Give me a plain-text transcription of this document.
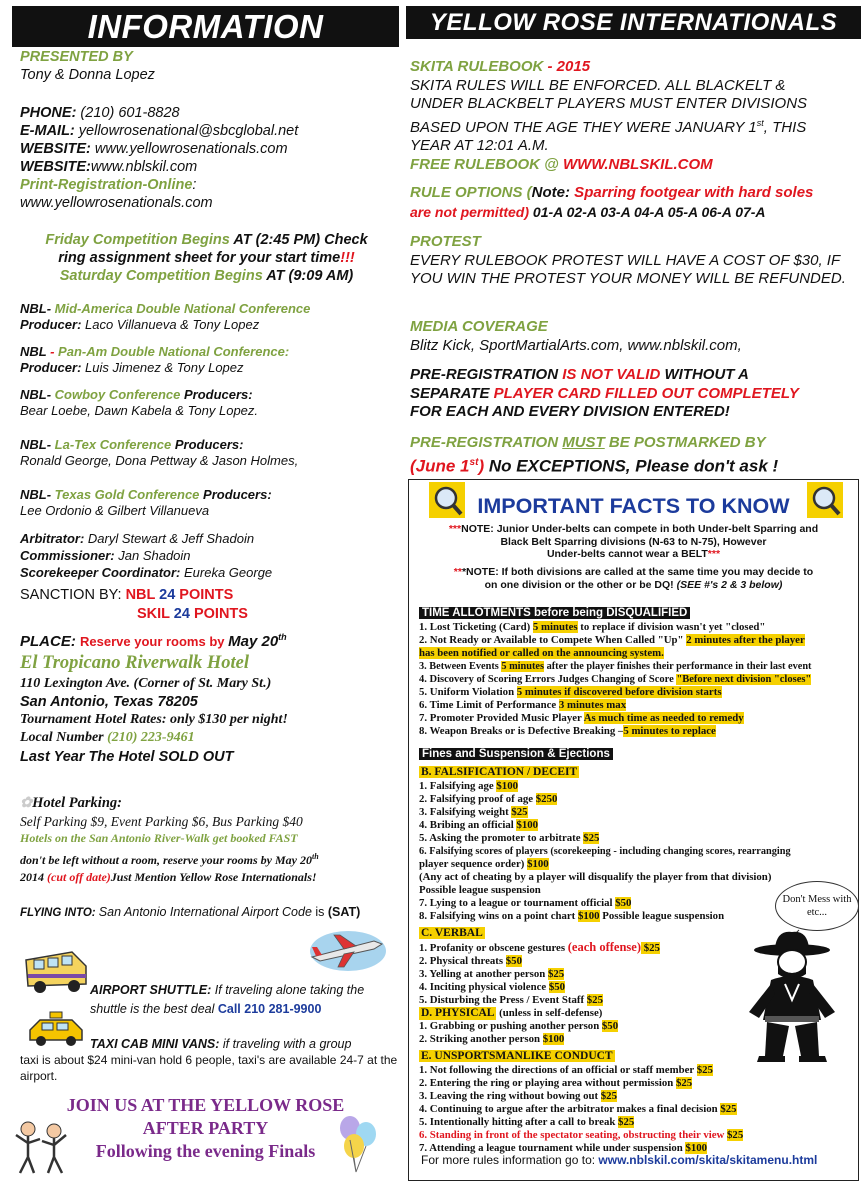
INFORMATION
PRESENTED BY
Tony & Donna Lopez
PHONE: (210) 601-8828
E-MAIL: yellowrosenational@sbcglobal.net
WEBSITE: www.yellowrosenationals.com
WEBSITE:www.nblskil.com
Print-Registration-Online:
www.yellowrosenationals.com
Friday Competition Begins AT (2:45 PM) Check
ring assignment sheet for your start time!!!
Saturday Competition Begins AT (9:09 AM)
NBL- Mid-America Double National Conference
Producer: Laco Villanueva & Tony Lopez
NBL - Pan-Am Double National Conference:
Producer: Luis Jimenez & Tony Lopez
NBL- Cowboy Conference Producers:
Bear Loebe, Dawn Kabela & Tony Lopez.
NBL- La-Tex Conference Producers:
Ronald George, Dona Pettway & Jason Holmes,
NBL- Texas Gold Conference Producers:
Lee Ordonio & Gilbert Villanueva
Arbitrator: Daryl Stewart & Jeff Shadoin
Commissioner: Jan Shadoin
Scorekeeper Coordinator: Eureka George
SANCTION BY: NBL 24 POINTS
SKIL 24 POINTS
PLACE: Reserve your rooms by May 20th
El Tropicano Riverwalk Hotel
110 Lexington Ave. (Corner of St. Mary St.)
San Antonio, Texas 78205
Tournament Hotel Rates: only $130 per night!
Local Number (210) 223-9461
Last Year The Hotel SOLD OUT
✿Hotel Parking:
Self Parking $9, Event Parking $6, Bus Parking $40
Hotels on the San Antonio River-Walk get booked FAST
don't be left without a room, reserve your rooms by May 20th
2014 (cut off date)Just Mention Yellow Rose Internationals!
FLYING INTO: San Antonio International Airport Code is (SAT)
AIRPORT SHUTTLE: If traveling alone taking the
shuttle is the best deal Call 210 281-9900
TAXI CAB MINI VANS: if traveling with a group
taxi is about $24 mini-van hold 6 people, taxi's are available 24-7 at the airport.
JOIN US AT THE YELLOW ROSE
AFTER PARTY
Following the evening Finals
YELLOW ROSE INTERNATIONALS
SKITA RULEBOOK - 2015
SKITA RULES WILL BE ENFORCED. ALL BLACKELT &
UNDER BLACKBELT PLAYERS MUST ENTER DIVISIONS
BASED UPON THE AGE THEY WERE JANUARY 1st, THIS
YEAR AT 12:01 A.M.
FREE RULEBOOK @ WWW.NBLSKIL.COM
RULE OPTIONS (Note: Sparring footgear with hard soles
are not permitted) 01-A 02-A 03-A 04-A 05-A 06-A 07-A
PROTEST
EVERY RULEBOOK PROTEST WILL HAVE A COST OF $30, IF YOU WIN THE PROTEST YOUR MONEY WILL BE REFUNDED.
MEDIA COVERAGE
Blitz Kick, SportMartialArts.com, www.nblskil.com,
PRE-REGISTRATION IS NOT VALID WITHOUT A
SEPARATE PLAYER CARD FILLED OUT COMPLETELY
FOR EACH AND EVERY DIVISION ENTERED!
PRE-REGISTRATION MUST BE POSTMARKED BY
(June 1st) No EXCEPTIONS, Please don't ask !
IMPORTANT FACTS TO KNOW
***NOTE: Junior Under-belts can compete in both Under-belt Sparring and
Black Belt Sparring divisions (N-63 to N-75), However
Under-belts cannot wear a BELT***
***NOTE: If both divisions are called at the same time you may decide to
on one division or the other or be DQ! (SEE #'s 2 & 3 below)
TIME ALLOTMENTS before being DISQUALIFIED
1. Lost Ticketing (Card) 5 minutes to replace if division wasn't yet "closed"
2. Not Ready or Available to Compete When Called "Up" 2 minutes after the player
has been notified or called on the announcing system.
3. Between Events 5 minutes after the player finishes their performance in their last event
4. Discovery of Scoring Errors Judges Changing of Score "Before next division "closes"
5. Uniform Violation 5 minutes if discovered before division starts
6. Time Limit of Performance 3 minutes max
7. Promoter Provided Music Player As much time as needed to remedy
8. Weapon Breaks or is Defective Breaking –5 minutes to replace
Fines and Suspension & Ejections
B. FALSIFICATION / DECEIT
1. Falsifying age $100
2. Falsifying proof of age $250
3. Falsifying weight $25
4. Bribing an official $100
5. Asking the promoter to arbitrate $25
6. Falsifying scores of players (scorekeeping - including changing scores, rearranging
player sequence order) $100
(Any act of cheating by a player will disqualify the player from that division)
Possible league suspension
7. Lying to a league or tournament official $50
8. Falsifying wins on a point chart $100 Possible league suspension
C. VERBAL
1. Profanity or obscene gestures (each offense) $25
2. Physical threats $50
3. Yelling at another person $25
4. Inciting physical violence $50
5. Disturbing the Press / Event Staff $25
D. PHYSICAL (unless in self-defense)
1. Grabbing or pushing another person $50
2. Striking another person $100
E. UNSPORTSMANLIKE CONDUCT
1. Not following the directions of an official or staff member $25
2. Entering the ring or playing area without permission $25
3. Leaving the ring without bowing out $25
4. Continuing to argue after the arbitrator makes a final decision $25
5. Intentionally hitting after a call to break $25
6. Standing in front of the spectator seating, obstructing their view $25
7. Attending a league tournament while under suspension $100
Don't Mess with etc...
For more rules information go to: www.nblskil.com/skita/skitamenu.html
